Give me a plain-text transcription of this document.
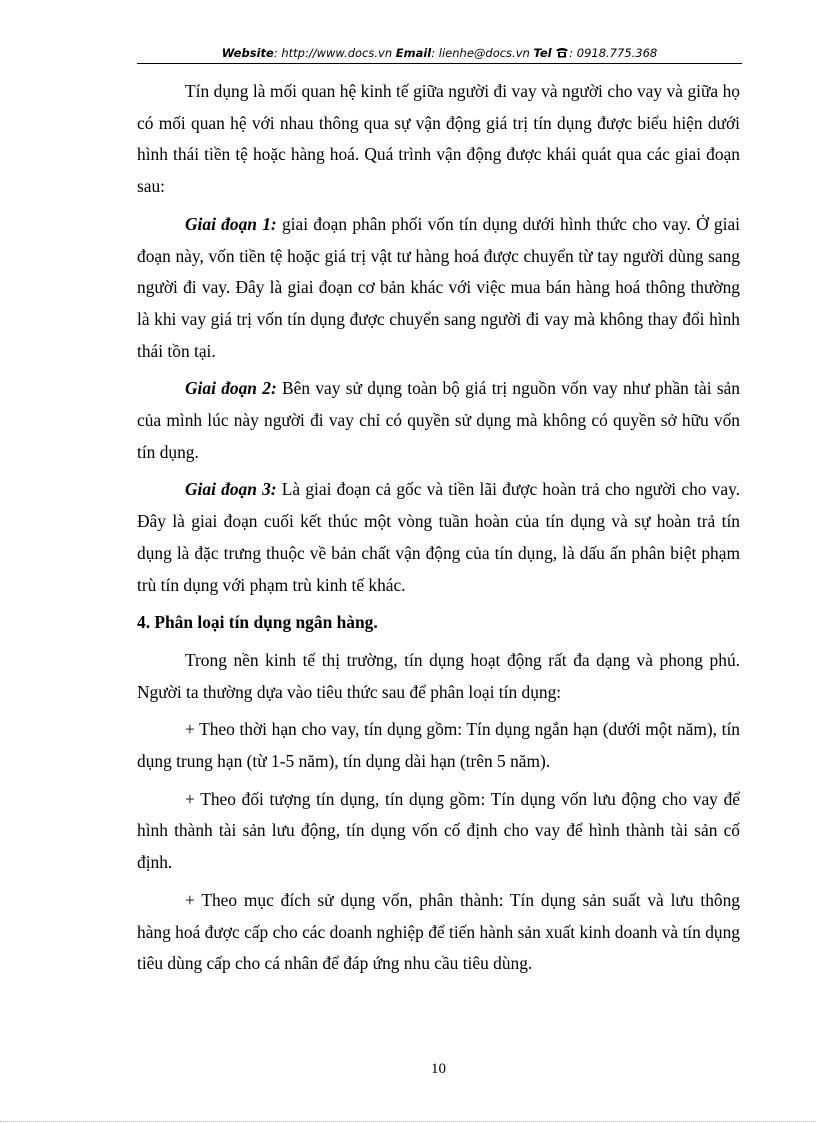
Website: http://www.docs.vn Email: lienhe@docs.vn Tel : 0918.775.368

Tín dụng là mối quan hệ kinh tế giữa người đi vay và người cho vay và giữa họ có mối quan hệ với nhau thông qua sự vận động giá trị tín dụng được biểu hiện dưới hình thái tiền tệ hoặc hàng hoá. Quá trình vận động được khái quát qua các giai đoạn sau:

Giai đoạn 1: giai đoạn phân phối vốn tín dụng dưới hình thức cho vay. Ở giai đoạn này, vốn tiền tệ hoặc giá trị vật tư hàng hoá được chuyển từ tay người dùng sang người đi vay. Đây là giai đoạn cơ bản khác với việc mua bán hàng hoá thông thường là khi vay giá trị vốn tín dụng được chuyển sang người đi vay mà không thay đổi hình thái tồn tại.

Giai đoạn 2: Bên vay sử dụng toàn bộ giá trị nguồn vốn vay như phần tài sản của mình lúc này người đi vay chỉ có quyền sử dụng mà không có quyền sở hữu vốn tín dụng.

Giai đoạn 3: Là giai đoạn cả gốc và tiền lãi được hoàn trả cho người cho vay. Đây là giai đoạn cuối kết thúc một vòng tuần hoàn của tín dụng và sự hoàn trả tín dụng là đặc trưng thuộc về bản chất vận động của tín dụng, là dấu ấn phân biệt phạm trù tín dụng với phạm trù kinh tế khác.

4. Phân loại tín dụng ngân hàng.

Trong nền kinh tế thị trường, tín dụng hoạt động rất đa dạng và phong phú. Người ta thường dựa vào tiêu thức sau để phân loại tín dụng:

+ Theo thời hạn cho vay, tín dụng gồm: Tín dụng ngắn hạn (dưới một năm), tín dụng trung hạn (từ 1-5 năm), tín dụng dài hạn (trên 5 năm).

+ Theo đối tượng tín dụng, tín dụng gồm: Tín dụng vốn lưu động cho vay để hình thành tài sản lưu động, tín dụng vốn cố định cho vay để hình thành tài sản cố định.

+ Theo mục đích sử dụng vốn, phân thành: Tín dụng sản suất và lưu thông hàng hoá được cấp cho các doanh nghiệp để tiến hành sản xuất kinh doanh và tín dụng tiêu dùng cấp cho cá nhân để đáp ứng nhu cầu tiêu dùng.

10
